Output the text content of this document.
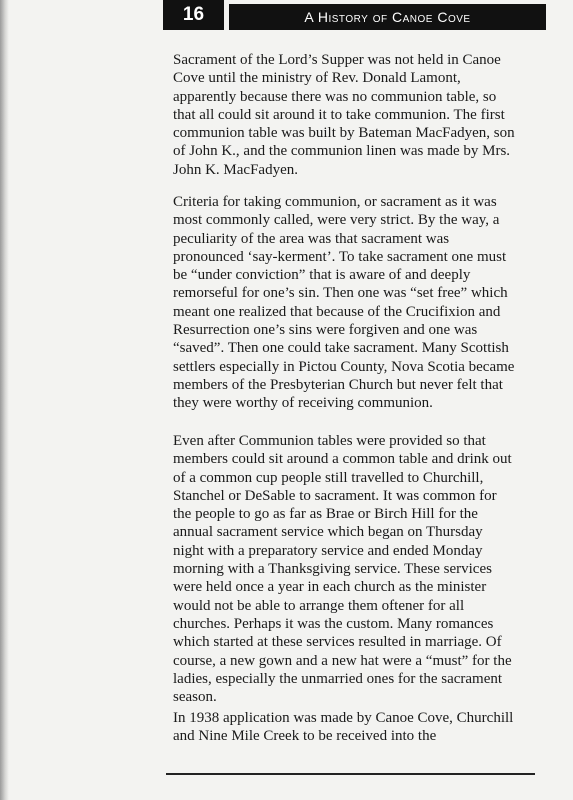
16	A History of Canoe Cove

Sacrament of the Lord’s Supper was not held in Canoe
Cove until the ministry of Rev. Donald Lamont,
apparently because there was no communion table, so
that all could sit around it to take communion. The first
communion table was built by Bateman MacFadyen, son
of John K., and the communion linen was made by Mrs.
John K. MacFadyen.

Criteria for taking communion, or sacrament as it was
most commonly called, were very strict. By the way, a
peculiarity of the area was that sacrament was
pronounced ‘say-kerment’. To take sacrament one must
be “under conviction” that is aware of and deeply
remorseful for one’s sin. Then one was “set free” which
meant one realized that because of the Crucifixion and
Resurrection one’s sins were forgiven and one was
“saved”. Then one could take sacrament. Many Scottish
settlers especially in Pictou County, Nova Scotia became
members of the Presbyterian Church but never felt that
they were worthy of receiving communion.

Even after Communion tables were provided so that
members could sit around a common table and drink out
of a common cup people still travelled to Churchill,
Stanchel or DeSable to sacrament. It was common for
the people to go as far as Brae or Birch Hill for the
annual sacrament service which began on Thursday
night with a preparatory service and ended Monday
morning with a Thanksgiving service. These services
were held once a year in each church as the minister
would not be able to arrange them oftener for all
churches. Perhaps it was the custom. Many romances
which started at these services resulted in marriage. Of
course, a new gown and a new hat were a “must” for the
ladies, especially the unmarried ones for the sacrament
season.

In 1938 application was made by Canoe Cove, Churchill
and Nine Mile Creek to be received into the
